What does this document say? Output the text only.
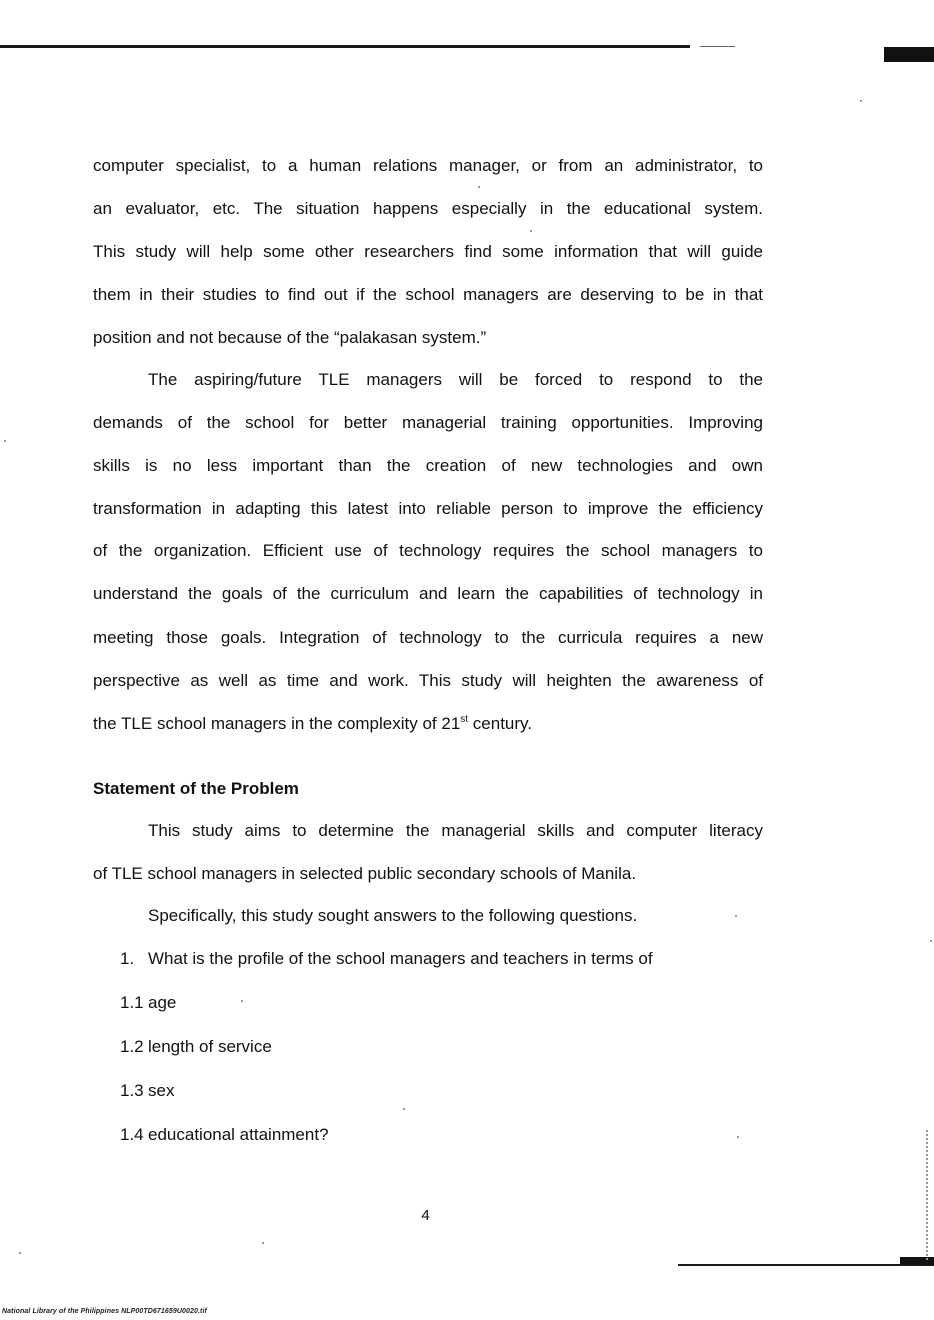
computer specialist, to a human relations manager, or from an administrator, to
an evaluator, etc. The situation happens especially in the educational system.
This study will help some other researchers find some information that will guide
them in their studies to find out if the school managers are deserving to be in that
position and not because of the “palakasan system.”
The aspiring/future TLE managers will be forced to respond to the
demands of the school for better managerial training opportunities. Improving
skills is no less important than the creation of new technologies and own
transformation in adapting this latest into reliable person to improve the efficiency
of the organization. Efficient use of technology requires the school managers to
understand the goals of the curriculum and learn the capabilities of technology in
meeting those goals. Integration of technology to the curricula requires a new
perspective as well as time and work. This study will heighten the awareness of
the TLE school managers in the complexity of 21st century.
Statement of the Problem
This study aims to determine the managerial skills and computer literacy
of TLE school managers in selected public secondary schools of Manila.
Specifically, this study sought answers to the following questions.
1. What is the profile of the school managers and teachers in terms of
1.1 age
1.2 length of service
1.3 sex
1.4 educational attainment?
4
National Library of the Philippines NLP00TD671659U0020.tif
